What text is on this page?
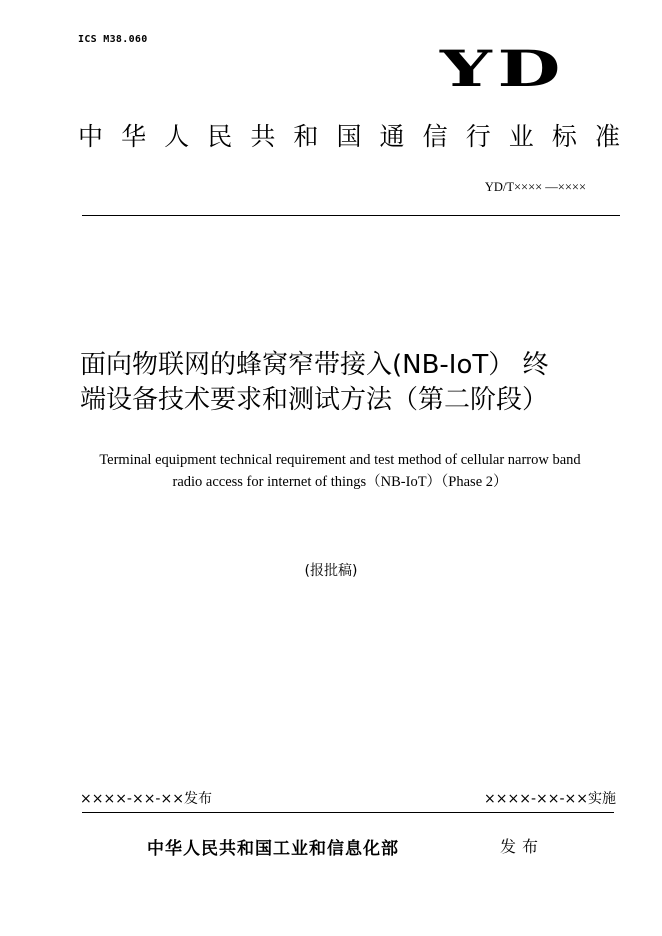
ICS M38.060	YD
中 华 人 民 共 和 国 通 信 行 业 标 准
YD/T×××× —××××
面向物联网的蜂窝窄带接入(NB-IoT） 终
端设备技术要求和测试方法（第二阶段）
Terminal equipment technical requirement and test method of cellular narrow band
radio access for internet of things（NB-IoT）（Phase 2）
(报批稿)
××××-××-××发布	××××-××-××实施
中华人民共和国工业和信息化部	发布
